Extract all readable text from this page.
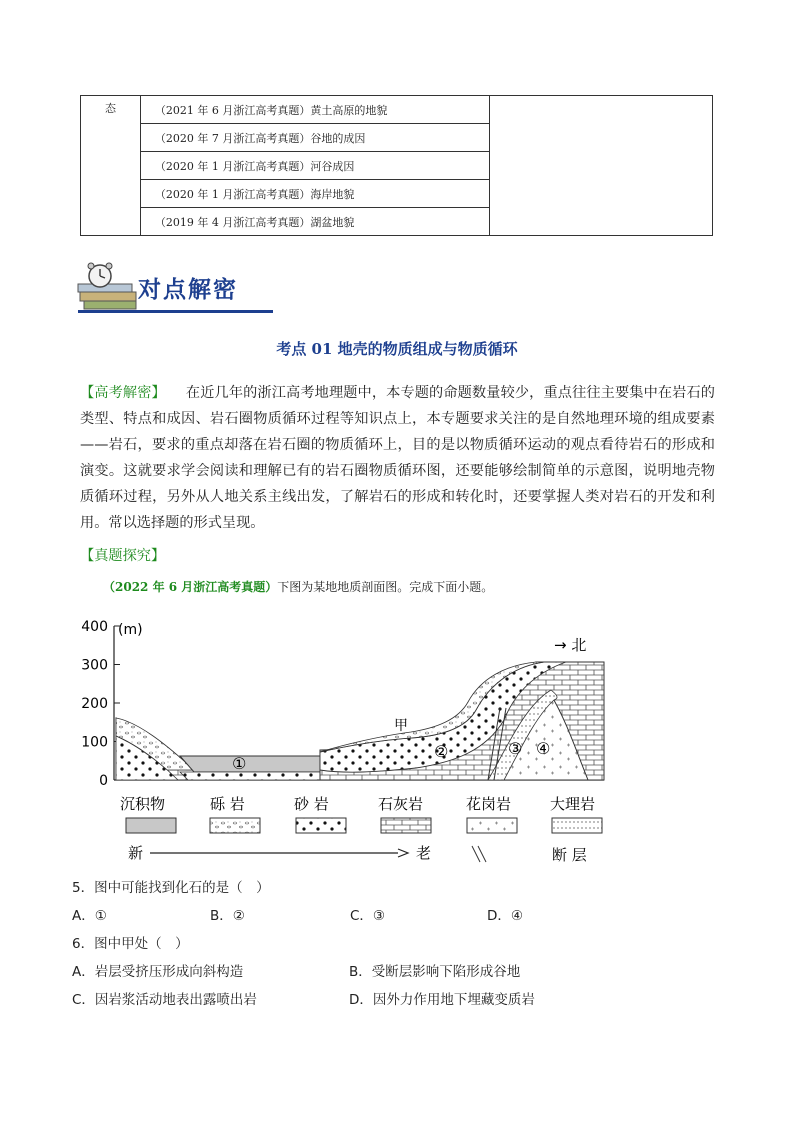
态	（2021 年 6 月浙江高考真题）黄土高原的地貌	
（2020 年 7 月浙江高考真题）谷地的成因
（2020 年 1 月浙江高考真题）河谷成因
（2020 年 1 月浙江高考真题）海岸地貌
（2019 年 4 月浙江高考真题）湖盆地貌
对点解密
考点 01 地壳的物质组成与物质循环
【高考解密】 在近几年的浙江高考地理题中，本专题的命题数量较少，重点往往主要集中在岩石的类型、特点和成因、岩石圈物质循环过程等知识点上，本专题要求关注的是自然地理环境的组成要素——岩石，要求的重点却落在岩石圈的物质循环上，目的是以物质循环运动的观点看待岩石的形成和演变。这就要求学会阅读和理解已有的岩石圈物质循环图，还要能够绘制简单的示意图，说明地壳物质循环过程，另外从人地关系主线出发，了解岩石的形成和转化时，还要掌握人类对岩石的开发和利用。常以选择题的形式呈现。
【真题探究】
（2022 年 6 月浙江高考真题）下图为某地地质剖面图。完成下面小题。
400
300
200
100
0
(m)
→ 北
甲
①
②	③ ④
沉积物	砾 岩	砂 岩	石灰岩	花岗岩	大理岩
新	老	断 层
5．图中可能找到化石的是（　）
A．①	B．②	C．③	D．④
6．图中甲处（　）
A．岩层受挤压形成向斜构造	B．受断层影响下陷形成谷地
C．因岩浆活动地表出露喷出岩	D．因外力作用地下埋藏变质岩
